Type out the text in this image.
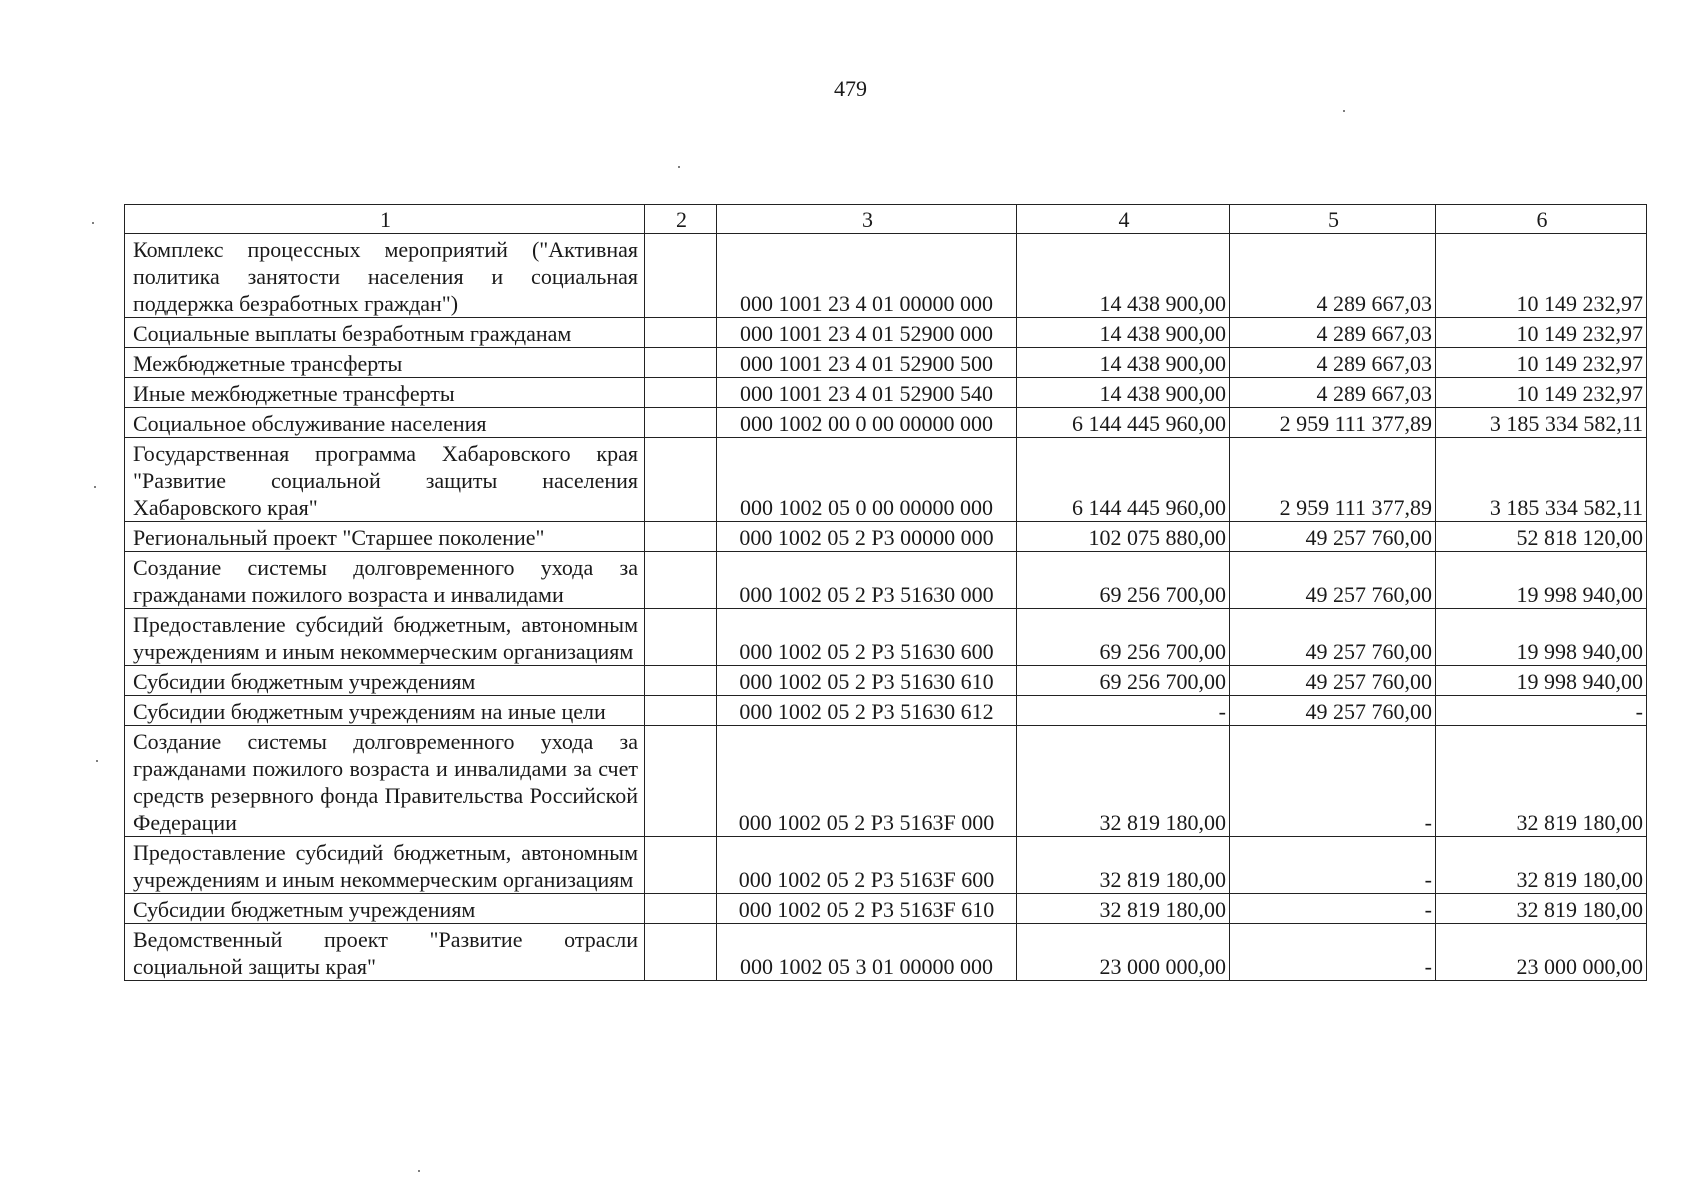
479
1	2	3	4	5	6
Комплекс процессных мероприятий ("Активная политика занятости населения и социальная поддержка безработных граждан")		000 1001 23 4 01 00000 000	14 438 900,00	4 289 667,03	10 149 232,97
Социальные выплаты безработным гражданам		000 1001 23 4 01 52900 000	14 438 900,00	4 289 667,03	10 149 232,97
Межбюджетные трансферты		000 1001 23 4 01 52900 500	14 438 900,00	4 289 667,03	10 149 232,97
Иные межбюджетные трансферты		000 1001 23 4 01 52900 540	14 438 900,00	4 289 667,03	10 149 232,97
Социальное обслуживание населения		000 1002 00 0 00 00000 000	6 144 445 960,00	2 959 111 377,89	3 185 334 582,11
Государственная программа Хабаровского края "Развитие социальной защиты населения Хабаровского края"		000 1002 05 0 00 00000 000	6 144 445 960,00	2 959 111 377,89	3 185 334 582,11
Региональный проект "Старшее поколение"		000 1002 05 2 P3 00000 000	102 075 880,00	49 257 760,00	52 818 120,00
Создание системы долговременного ухода за гражданами пожилого возраста и инвалидами		000 1002 05 2 P3 51630 000	69 256 700,00	49 257 760,00	19 998 940,00
Предоставление субсидий бюджетным, автономным учреждениям и иным некоммерческим организациям		000 1002 05 2 P3 51630 600	69 256 700,00	49 257 760,00	19 998 940,00
Субсидии бюджетным учреждениям		000 1002 05 2 P3 51630 610	69 256 700,00	49 257 760,00	19 998 940,00
Субсидии бюджетным учреждениям на иные цели		000 1002 05 2 P3 51630 612	-	49 257 760,00	-
Создание системы долговременного ухода за гражданами пожилого возраста и инвалидами за счет средств резервного фонда Правительства Российской Федерации		000 1002 05 2 P3 5163F 000	32 819 180,00	-	32 819 180,00
Предоставление субсидий бюджетным, автономным учреждениям и иным некоммерческим организациям		000 1002 05 2 P3 5163F 600	32 819 180,00	-	32 819 180,00
Субсидии бюджетным учреждениям		000 1002 05 2 P3 5163F 610	32 819 180,00	-	32 819 180,00
Ведомственный проект "Развитие отрасли социальной защиты края"		000 1002 05 3 01 00000 000	23 000 000,00	-	23 000 000,00
